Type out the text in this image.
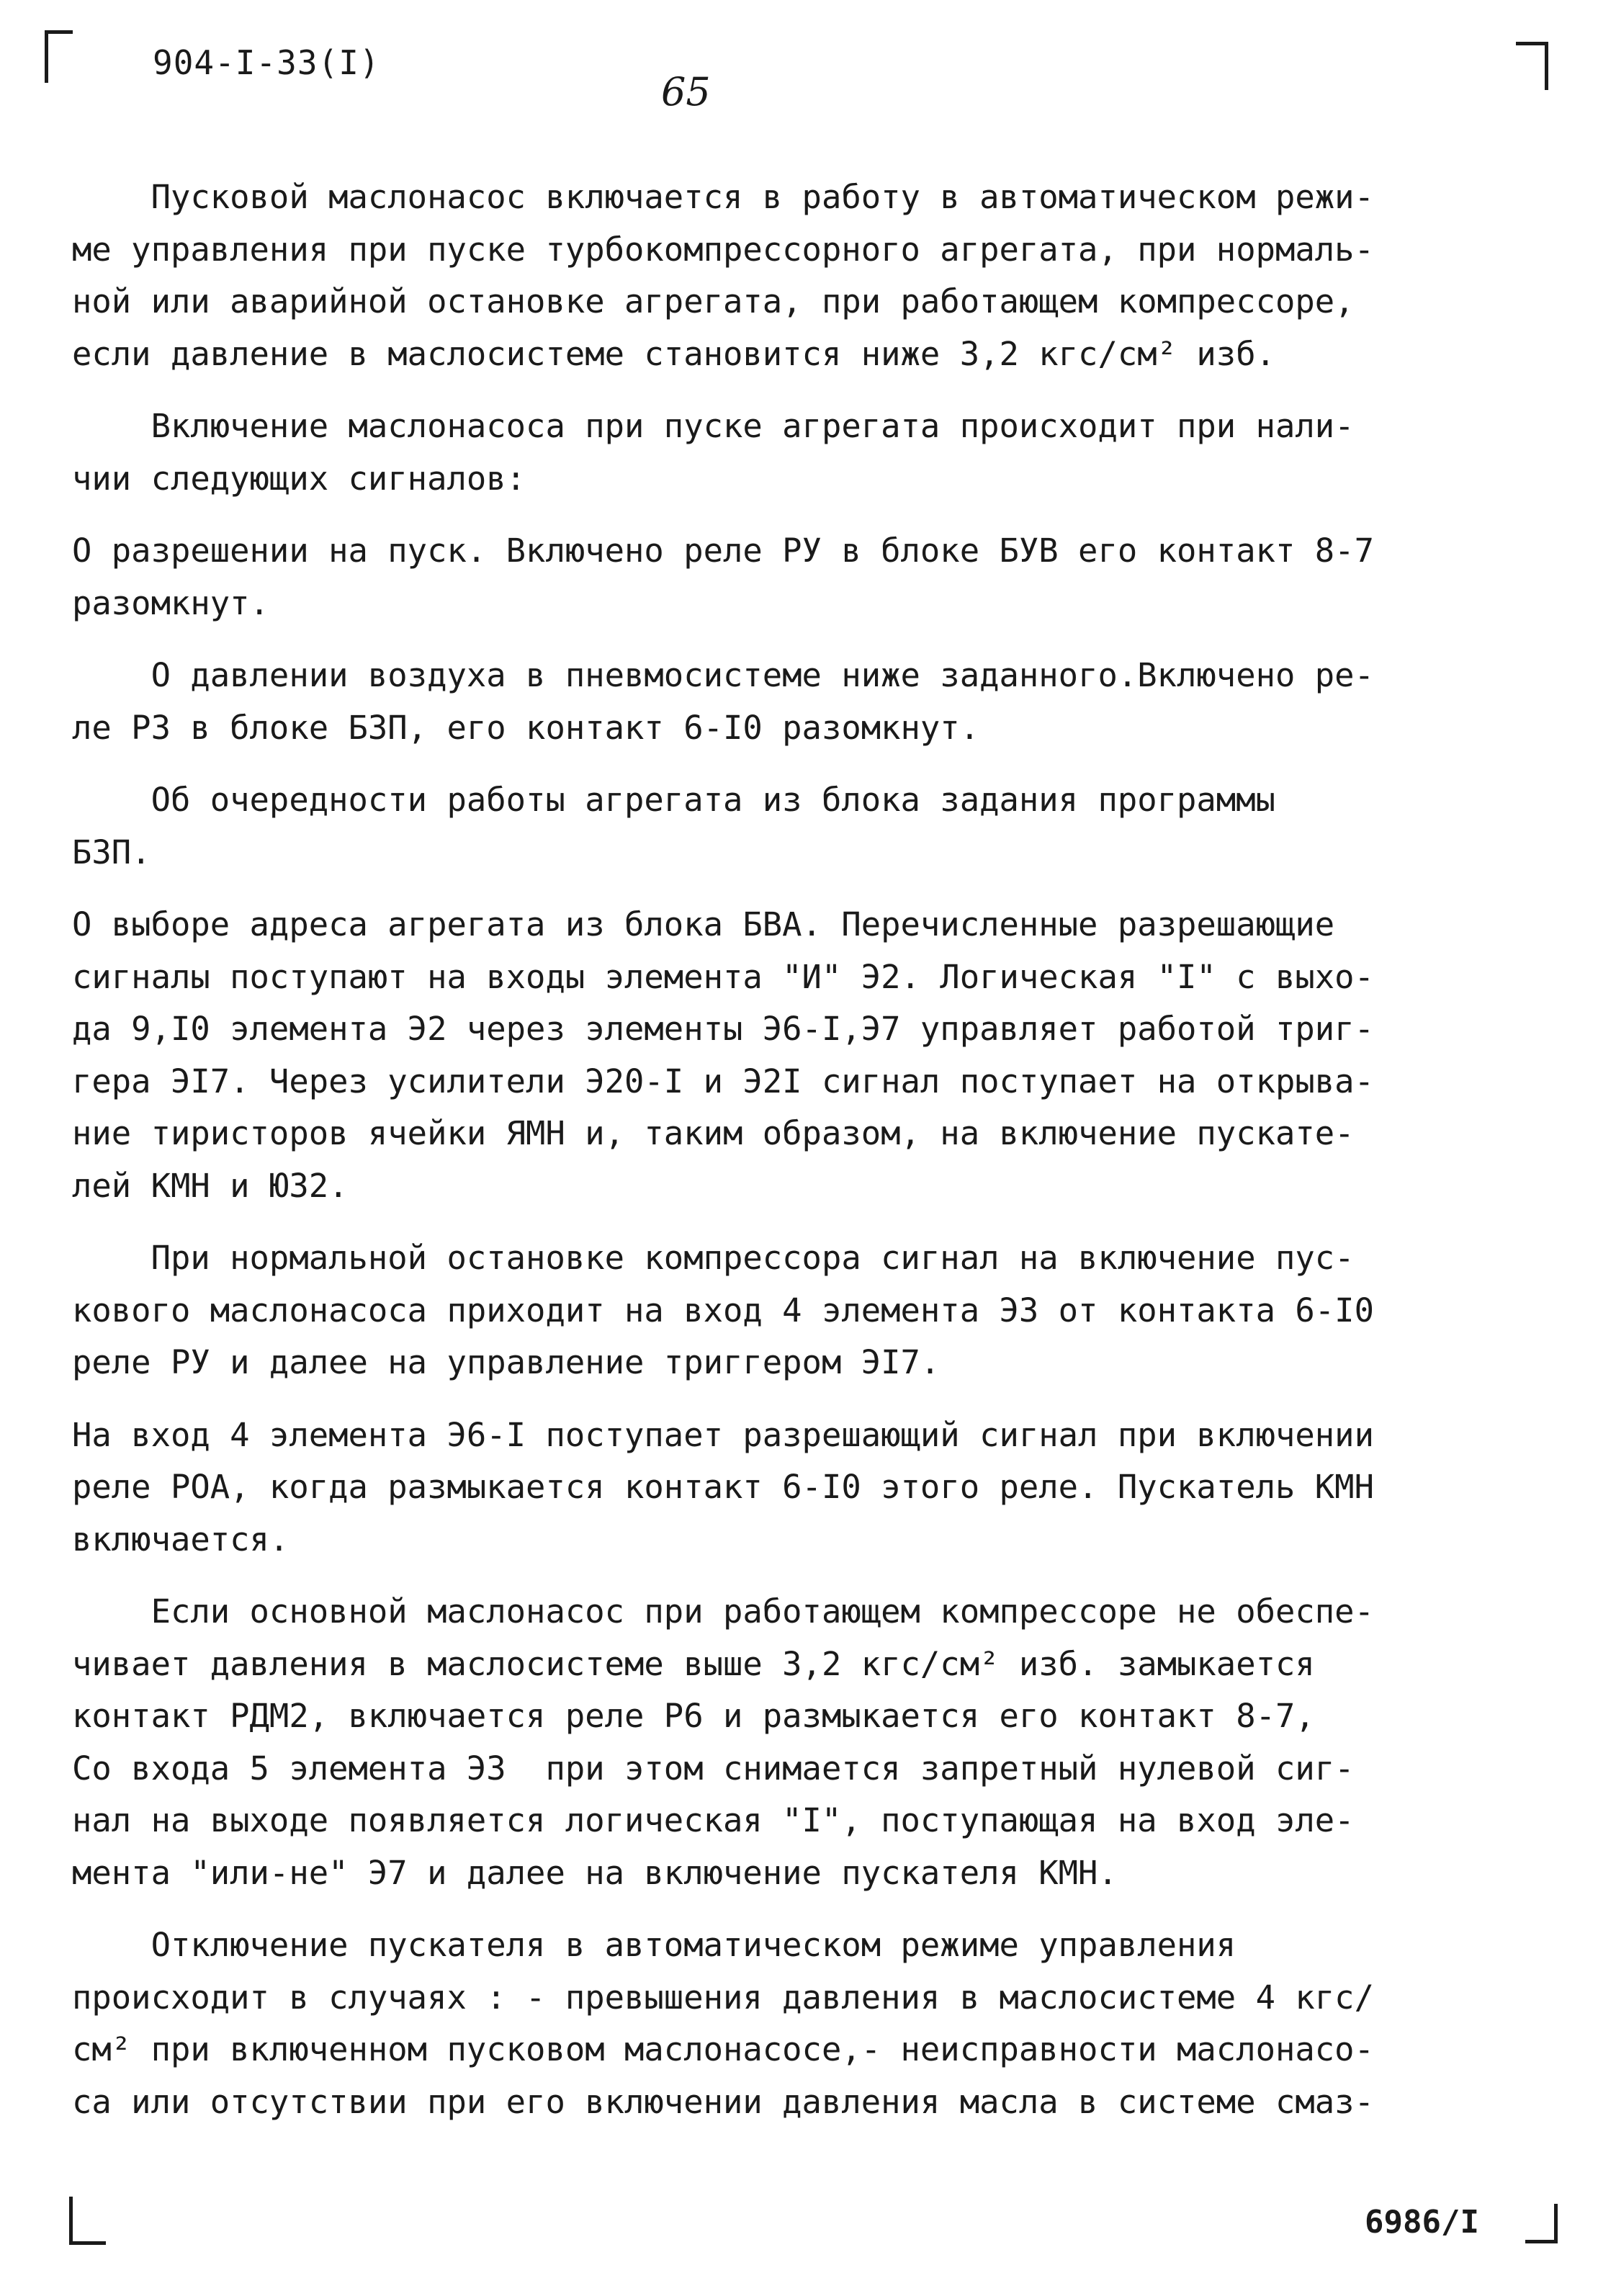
904-I-33(I)
65

Пусковой маслонасос включается в работу в автоматическом режи-

ме управления при пуске турбокомпрессорного агрегата, при нормаль-

ной или аварийной остановке агрегата, при работающем компрессоре,

если давление в маслосистеме становится ниже 3,2 кгс/см² изб.

Включение маслонасоса при пуске агрегата происходит при нали-

чии следующих сигналов:

О разрешении на пуск. Включено реле РУ в блоке БУВ его контакт 8-7

разомкнут.

О давлении воздуха в пневмосистеме ниже заданного.Включено ре-

ле РЗ в блоке БЗП, его контакт 6-I0 разомкнут.

Об очередности работы агрегата из блока задания программы

БЗП.

О выборе адреса агрегата из блока БВА. Перечисленные разрешающие

сигналы поступают на входы элемента "И" Э2. Логическая "I" с выхо-

да 9,I0 элемента Э2 через элементы Э6-I,Э7 управляет работой триг-

гера ЭI7. Через усилители Э20-I и Э2I сигнал поступает на открыва-

ние тиристоров ячейки ЯМН и, таким образом, на включение пускате-

лей КМН и Ю32.

При нормальной остановке компрессора сигнал на включение пус-

кового маслонасоса приходит на вход 4 элемента Э3 от контакта 6-I0

реле РУ и далее на управление триггером ЭI7.

На вход 4 элемента Э6-I поступает разрешающий сигнал при включении

реле РОА, когда размыкается контакт 6-I0 этого реле. Пускатель КМН

включается.

Если основной маслонасос при работающем компрессоре не обеспе-

чивает давления в маслосистеме выше 3,2 кгс/см² изб. замыкается

контакт РДМ2, включается реле Р6 и размыкается его контакт 8-7,

Со входа 5 элемента Э3  при этом снимается запретный нулевой сиг-

нал на выходе появляется логическая "I", поступающая на вход эле-

мента "или-не" Э7 и далее на включение пускателя КМН.

Отключение пускателя в автоматическом режиме управления

происходит в случаях : - превышения давления в маслосистеме 4 кгс/

см² при включенном пусковом маслонасосе,- неисправности маслонасо-

са или отсутствии при его включении давления масла в системе смаз-

6986/I
